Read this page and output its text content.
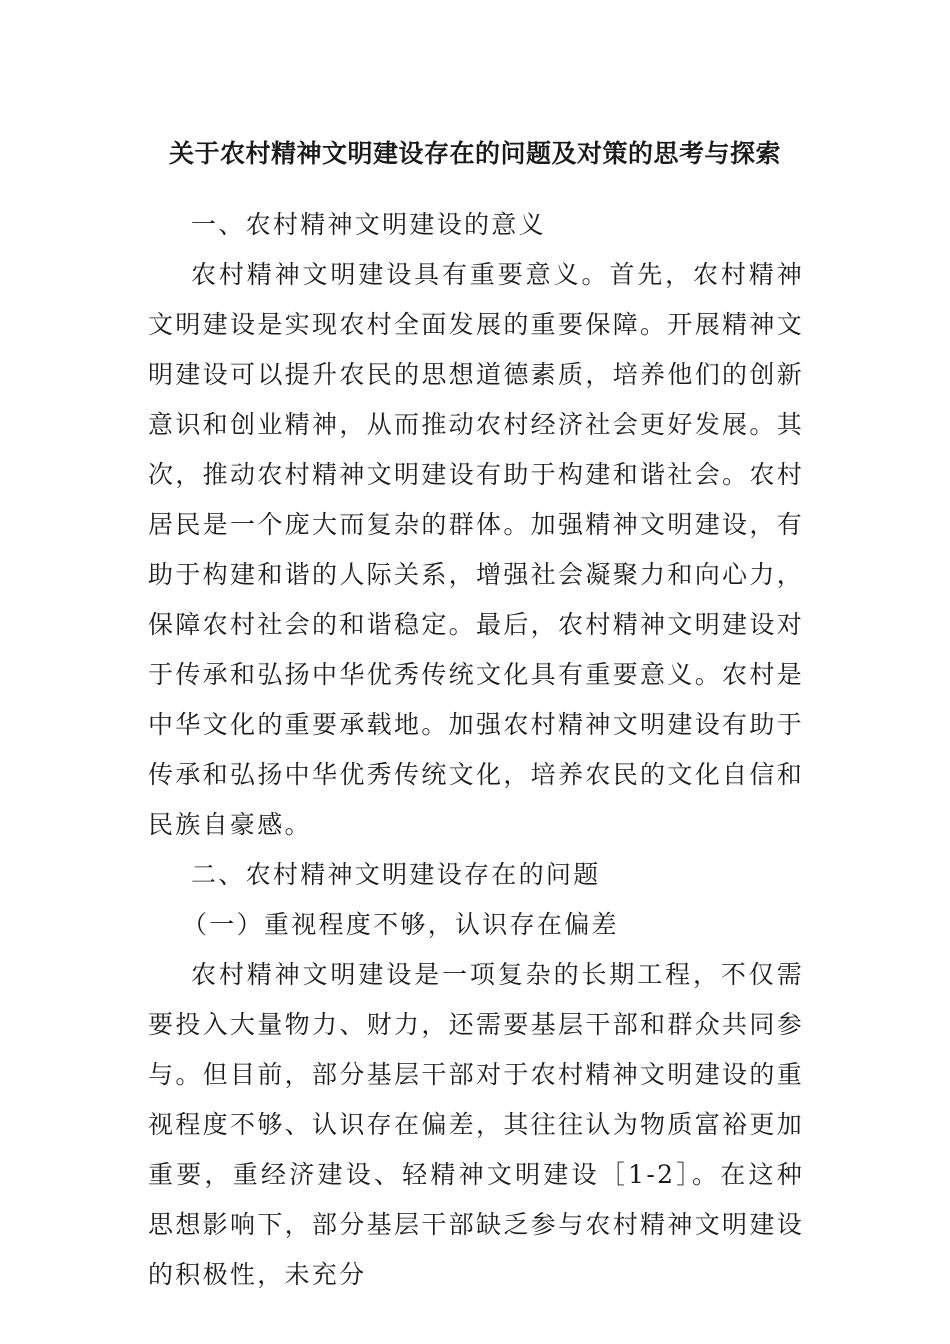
关于农村精神文明建设存在的问题及对策的思考与探索

一、农村精神文明建设的意义

农村精神文明建设具有重要意义。首先，农村精神文明建设是实现农村全面发展的重要保障。开展精神文明建设可以提升农民的思想道德素质，培养他们的创新意识和创业精神，从而推动农村经济社会更好发展。其次，推动农村精神文明建设有助于构建和谐社会。农村居民是一个庞大而复杂的群体。加强精神文明建设，有助于构建和谐的人际关系，增强社会凝聚力和向心力，保障农村社会的和谐稳定。最后，农村精神文明建设对于传承和弘扬中华优秀传统文化具有重要意义。农村是中华文化的重要承载地。加强农村精神文明建设有助于传承和弘扬中华优秀传统文化，培养农民的文化自信和民族自豪感。

二、农村精神文明建设存在的问题

（一）重视程度不够，认识存在偏差

农村精神文明建设是一项复杂的长期工程，不仅需要投入大量物力、财力，还需要基层干部和群众共同参与。但目前，部分基层干部对于农村精神文明建设的重视程度不够、认识存在偏差，其往往认为物质富裕更加重要，重经济建设、轻精神文明建设［1-2］。在这种思想影响下，部分基层干部缺乏参与农村精神文明建设的积极性，未充分
